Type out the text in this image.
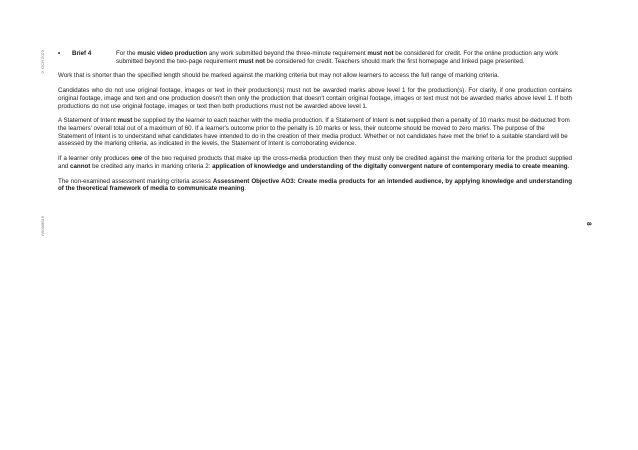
© OCR 2023
Y/600/8616	8
•	Brief 4	For the music video production any work submitted beyond the three-minute requirement must not be considered for credit. For the online production any work submitted beyond the two-page requirement must not be considered for credit. Teachers should mark the first homepage and linked page presented.

Work that is shorter than the specified length should be marked against the marking criteria but may not allow learners to access the full range of marking criteria.

Candidates who do not use original footage, images or text in their production(s) must not be awarded marks above level 1 for the production(s). For clarity, if one production contains original footage, image and text and one production doesn't then only the production that doesn't contain original footage, images or text must not be awarded marks above level 1. If both productions do not use original footage, images or text then both productions must not be awarded above level 1.

A Statement of Intent must be supplied by the learner to each teacher with the media production. If a Statement of Intent is not supplied then a penalty of 10 marks must be deducted from the learners' overall total out of a maximum of 60. If a learner's outcome prior to the penalty is 10 marks or less, their outcome should be moved to zero marks. The purpose of the Statement of Intent is to understand what candidates have intended to do in the creation of their media product. Whether or not candidates have met the brief to a suitable standard will be assessed by the marking criteria, as indicated in the levels, the Statement of Intent is corroborating evidence.

If a learner only produces one of the two required products that make up the cross-media production then they must only be credited against the marking criteria for the product supplied and cannot be credited any marks in marking criteria 2: application of knowledge and understanding of the digitally convergent nature of contemporary media to create meaning.

The non-examined assessment marking criteria assess Assessment Objective AO3: Create media products for an intended audience, by applying knowledge and understanding of the theoretical framework of media to communicate meaning.
